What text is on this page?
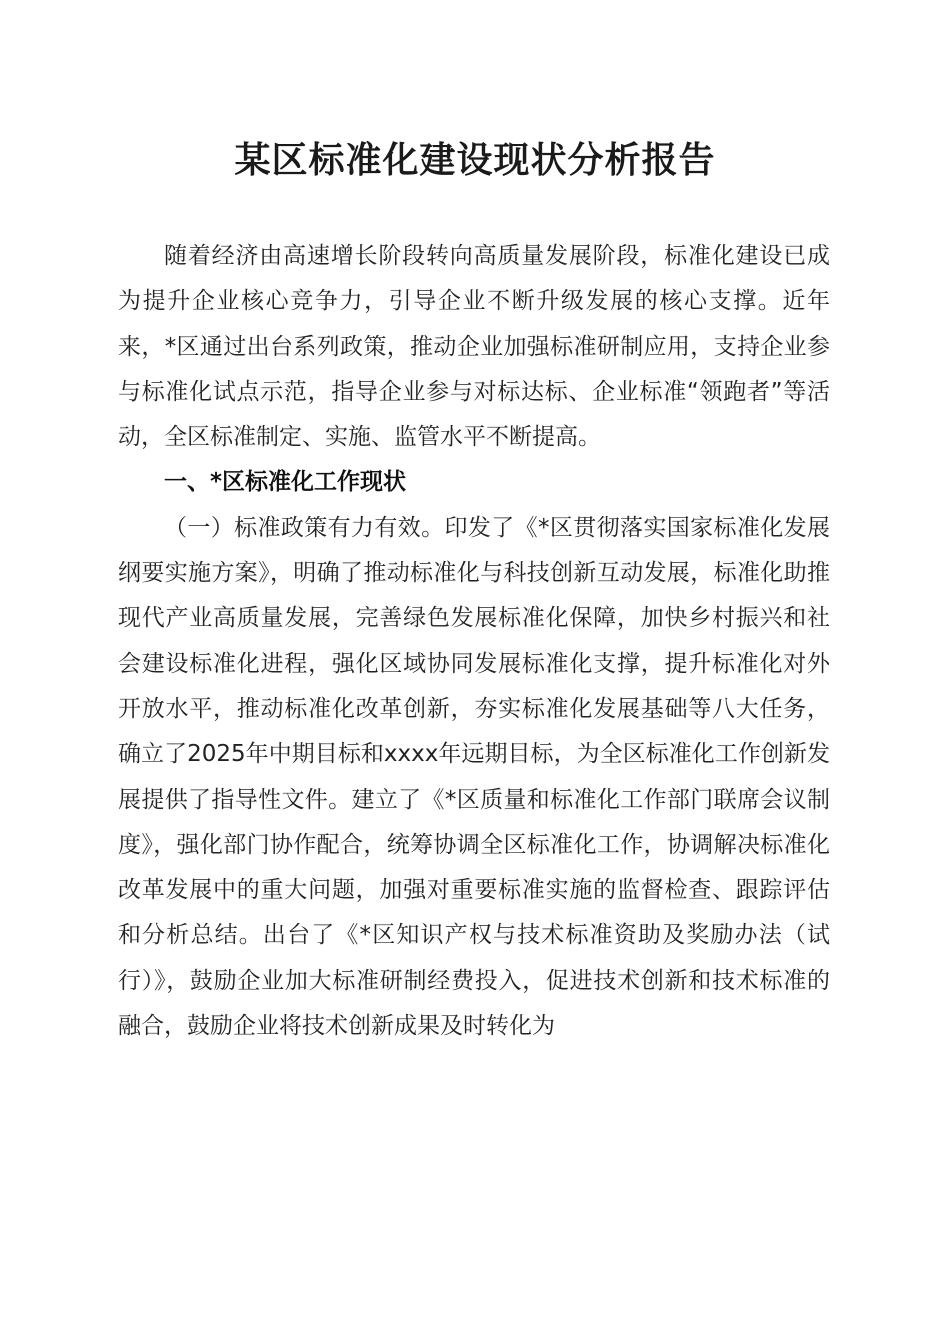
某区标准化建设现状分析报告

随着经济由高速增长阶段转向高质量发展阶段，标准化建设已成为提升企业核心竞争力，引导企业不断升级发展的核心支撑。近年来，*区通过出台系列政策，推动企业加强标准研制应用，支持企业参与标准化试点示范，指导企业参与对标达标、企业标准“领跑者”等活动，全区标准制定、实施、监管水平不断提高。

一、*区标准化工作现状

（一）标准政策有力有效。印发了《*区贯彻落实国家标准化发展纲要实施方案》，明确了推动标准化与科技创新互动发展，标准化助推现代产业高质量发展，完善绿色发展标准化保障，加快乡村振兴和社会建设标准化进程，强化区域协同发展标准化支撑，提升标准化对外开放水平，推动标准化改革创新，夯实标准化发展基础等八大任务，确立了2025年中期目标和xxxx年远期目标，为全区标准化工作创新发展提供了指导性文件。建立了《*区质量和标准化工作部门联席会议制度》，强化部门协作配合，统筹协调全区标准化工作，协调解决标准化改革发展中的重大问题，加强对重要标准实施的监督检查、跟踪评估和分析总结。出台了《*区知识产权与技术标准资助及奖励办法（试行）》，鼓励企业加大标准研制经费投入，促进技术创新和技术标准的融合，鼓励企业将技术创新成果及时转化为
